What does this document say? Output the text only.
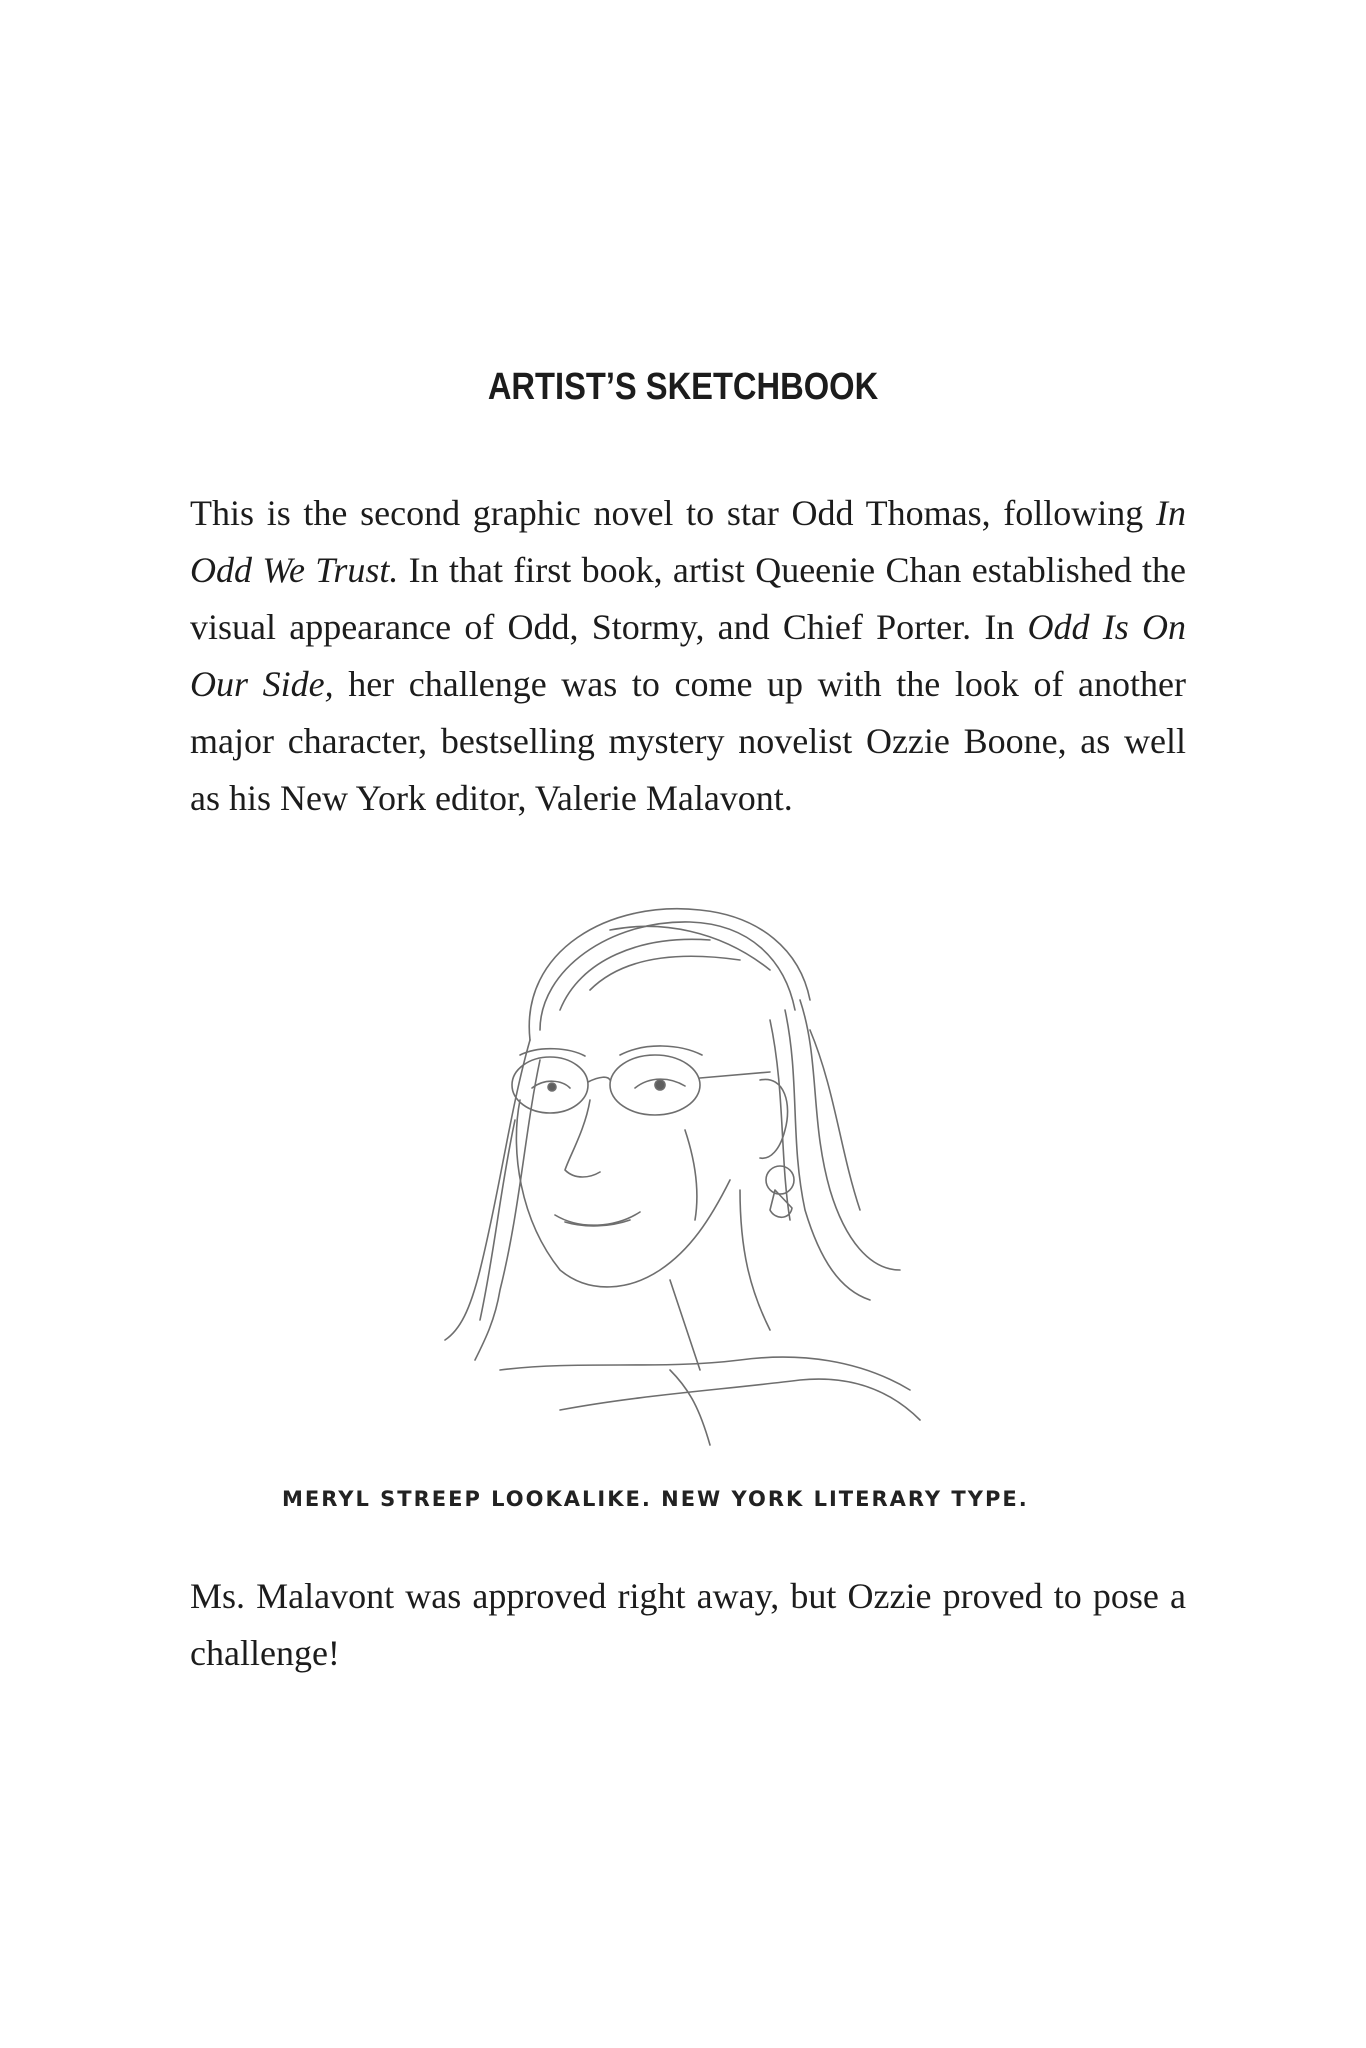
ARTIST’S SKETCHBOOK
This is the second graphic novel to star Odd Thomas, following In Odd We Trust. In that first book, artist Queenie Chan established the visual appearance of Odd, Stormy, and Chief Porter. In Odd Is On Our Side, her challenge was to come up with the look of another major character, bestselling mystery novelist Ozzie Boone, as well as his New York editor, Valerie Malavont.
MERYL STREEP LOOKALIKE. NEW YORK LITERARY TYPE.
Ms. Malavont was approved right away, but Ozzie proved to pose a challenge!
